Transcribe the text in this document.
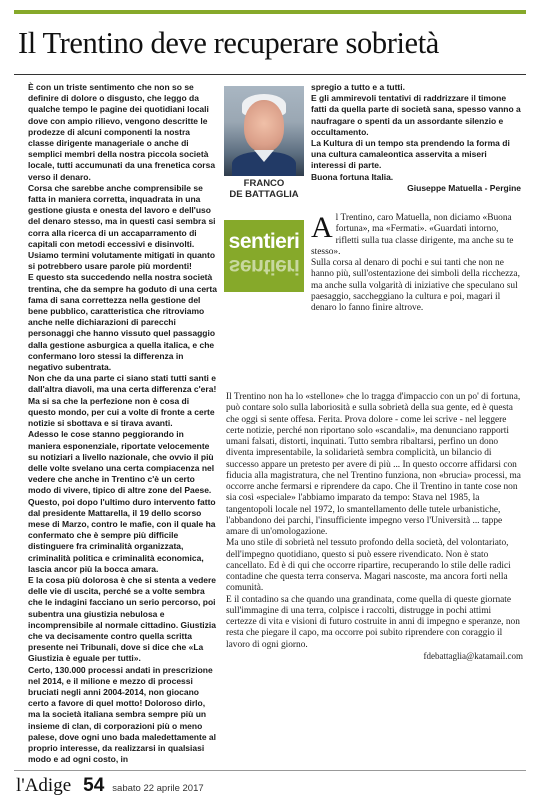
Il Trentino deve recuperare sobrietà

È con un triste sentimento che non so se definire di dolore o disgusto, che leggo da qualche tempo le pagine dei quotidiani locali dove con ampio rilievo, vengono descritte le prodezze di alcuni componenti la nostra classe dirigente manageriale o anche di semplici membri della nostra piccola società locale, tutti accumunati da una frenetica corsa verso il denaro.

Corsa che sarebbe anche comprensibile se fatta in maniera corretta, inquadrata in una gestione giusta e onesta del lavoro e dell'uso del denaro stesso, ma in questi casi sembra si corra alla ricerca di un accaparramento di capitali con metodi eccessivi e disinvolti. Usiamo termini volutamente mitigati in quanto si potrebbero usare parole più mordenti!

E questo sta succedendo nella nostra società trentina, che da sempre ha goduto di una certa fama di sana correttezza nella gestione del bene pubblico, caratteristica che ritroviamo anche nelle dichiarazioni di parecchi personaggi che hanno vissuto quel passaggio dalla gestione asburgica a quella italica, e che confermano loro stessi la differenza in negativo subentrata.

Non che da una parte ci siano stati tutti santi e dall'altra diavoli, ma una certa differenza c'era! Ma si sa che la perfezione non è cosa di questo mondo, per cui a volte di fronte a certe notizie si sbottava e si tirava avanti.

Adesso le cose stanno peggiorando in maniera esponenziale, riportate velocemente su notiziari a livello nazionale, che ovvio il più delle volte svelano una certa compiacenza nel vedere che anche in Trentino c'è un certo modo di vivere, tipico di altre zone del Paese.

Questo, poi dopo l'ultimo duro intervento fatto dal presidente Mattarella, il 19 dello scorso mese di Marzo, contro le mafie, con il quale ha confermato che è sempre più difficile distinguere fra criminalità organizzata, criminalità politica e criminalità economica, lascia ancor più la bocca amara.

E la cosa più dolorosa è che si stenta a vedere delle vie di uscita, perché se a volte sembra che le indagini facciano un serio percorso, poi subentra una giustizia nebulosa e incomprensibile al normale cittadino. Giustizia che va decisamente contro quella scritta presente nei Tribunali, dove si dice che «La Giustizia è eguale per tutti».

Certo, 130.000 processi andati in prescrizione nel 2014, e il milione e mezzo di processi bruciati negli anni 2004-2014, non giocano certo a favore di quel motto! Doloroso dirlo, ma la società italiana sembra sempre più un insieme di clan, di corporazioni più o meno palese, dove ogni uno bada maledettamente al proprio interesse, da realizzarsi in qualsiasi modo e ad ogni costo, in

FRANCO
DE BATTAGLIA
sentieri
sentieri

spregio a tutto e a tutti.

E gli ammirevoli tentativi di raddrizzare il timone fatti da quella parte di società sana, spesso vanno a naufragare o spenti da un assordante silenzio e occultamento.

La Kultura di un tempo sta prendendo la forma di una cultura camaleontica asservita a miseri interessi di parte.

Buona fortuna Italia.

Giuseppe Matuella - Pergine

A l Trentino, caro Matuella, non diciamo «Buona fortuna», ma «Fermati». «Guardati intorno, rifletti sulla tua classe dirigente, ma anche su te stesso».

Sulla corsa al denaro di pochi e sui tanti che non ne hanno più, sull'ostentazione dei simboli della ricchezza, ma anche sulla volgarità di iniziative che speculano sul paesaggio, saccheggiano la cultura e poi, magari il denaro lo fanno finire altrove.

Il Trentino non ha lo «stellone» che lo tragga d'impaccio con un po' di fortuna, può contare solo sulla laboriosità e sulla sobrietà della sua gente, ed è questa che oggi si sente offesa. Ferita. Prova dolore - come lei scrive - nel leggere certe notizie, perché non riportano solo «scandali», ma denunciano rapporti umani falsati, distorti, inquinati. Tutto sembra ribaltarsi, perfino un dono diventa impresentabile, la solidarietà sembra complicità, un bilancio di successo appare un pretesto per avere di più ... In questo occorre affidarsi con fiducia alla magistratura, che nel Trentino funziona, non «brucia» processi, ma occorre anche fermarsi e riprendere da capo. Che il Trentino in tante cose non sia così «speciale» l'abbiamo imparato da tempo: Stava nel 1985, la tangentopoli locale nel 1972, lo smantellamento delle tutele urbanistiche, l'abbandono dei parchi, l'insufficiente impegno verso l'Università ... tappe amare di un'omologazione.

Ma uno stile di sobrietà nel tessuto profondo della società, del volontariato, dell'impegno quotidiano, questo si può essere rivendicato. Non è stato cancellato. Ed è di qui che occorre ripartire, recuperando lo stile delle radici contadine che questa terra conserva. Magari nascoste, ma ancora forti nella comunità.

E il contadino sa che quando una grandinata, come quella di queste giornate sull'immagine di una terra, colpisce i raccolti, distrugge in pochi attimi certezze di vita e visioni di futuro costruite in anni di impegno e speranze, non resta che piegare il capo, ma occorre poi subito riprendere con coraggio il lavoro di ogni giorno.

fdebattaglia@katamail.com

l'Adige 54 sabato 22 aprile 2017
